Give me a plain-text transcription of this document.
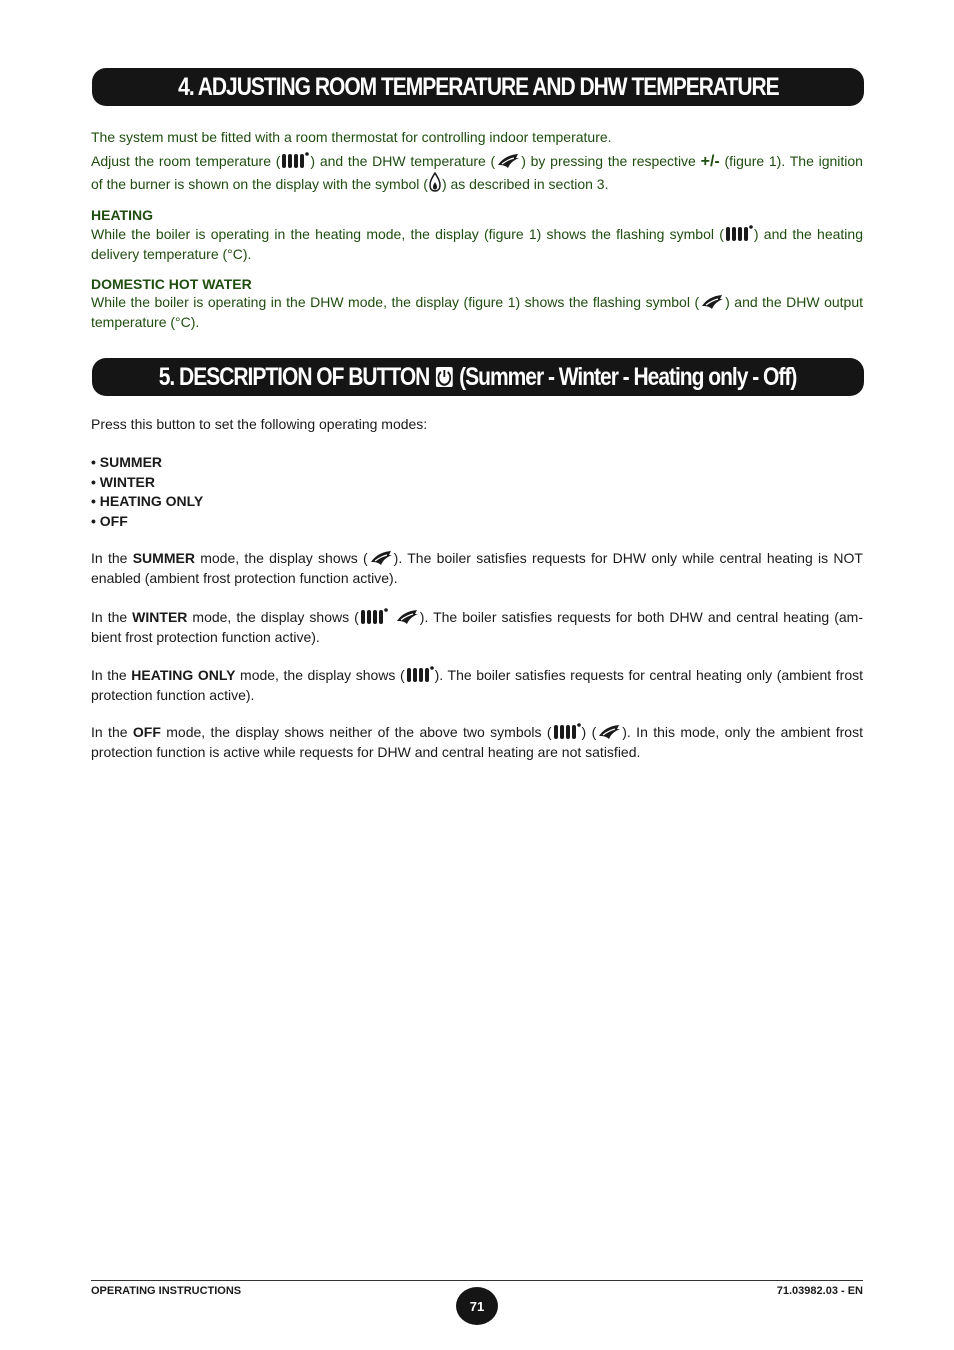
4. ADJUSTING ROOM TEMPERATURE AND DHW TEMPERATURE

The system must be fitted with a room thermostat for controlling indoor temperature.

Adjust the room temperature ( ) and the DHW temperature ( ) by pressing the respective +/- (figure 1). The ignition of the burner is shown on the display with the symbol ( ) as described in section 3.

HEATING
While the boiler is operating in the heating mode, the display (figure 1) shows the flashing symbol ( ) and the heating delivery temperature (°C).
DOMESTIC HOT WATER
While the boiler is operating in the DHW mode, the display (figure 1) shows the flashing symbol ( ) and the DHW output temperature (°C).
5. DESCRIPTION OF BUTTON  (Summer - Winter - Heating only - Off)

Press this button to set the following operating modes:

• SUMMER
• WINTER
• HEATING ONLY
• OFF

In the SUMMER mode, the display shows ( ). The boiler satisfies requests for DHW only while central heating is NOT enabled (ambient frost protection function active).

In the WINTER mode, the display shows (	). The boiler satisfies requests for both DHW and central heating (am-bient frost protection function active).

In the HEATING ONLY mode, the display shows ( ). The boiler satisfies requests for central heating only (ambient frost protection function active).

In the OFF mode, the display shows neither of the above two symbols ( ) ( ). In this mode, only the ambient frost protection function is active while requests for DHW and central heating are not satisfied.

OPERATING INSTRUCTIONS
71
71.03982.03 - EN
